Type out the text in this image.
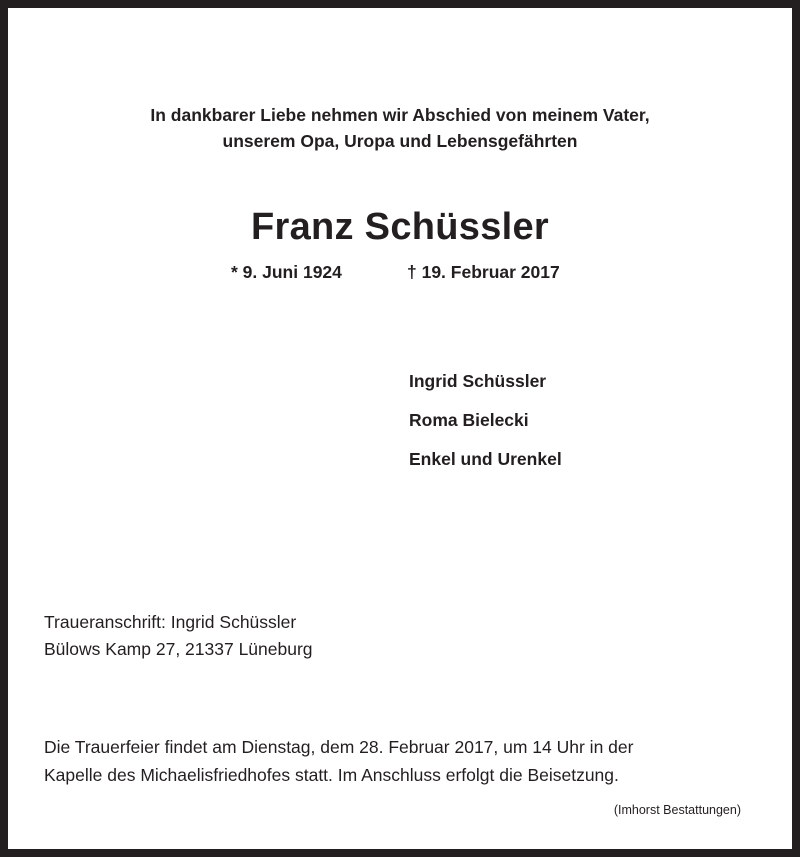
In dankbarer Liebe nehmen wir Abschied von meinem Vater,
unserem Opa, Uropa und Lebensgefährten
Franz Schüssler
* 9. Juni 1924	† 19. Februar 2017
Ingrid Schüssler
Roma Bielecki
Enkel und Urenkel
Traueranschrift: Ingrid Schüssler
Bülows Kamp 27, 21337 Lüneburg
Die Trauerfeier findet am Dienstag, dem 28. Februar 2017, um 14 Uhr in der
Kapelle des Michaelisfriedhofes statt. Im Anschluss erfolgt die Beisetzung.
(Imhorst Bestattungen)
